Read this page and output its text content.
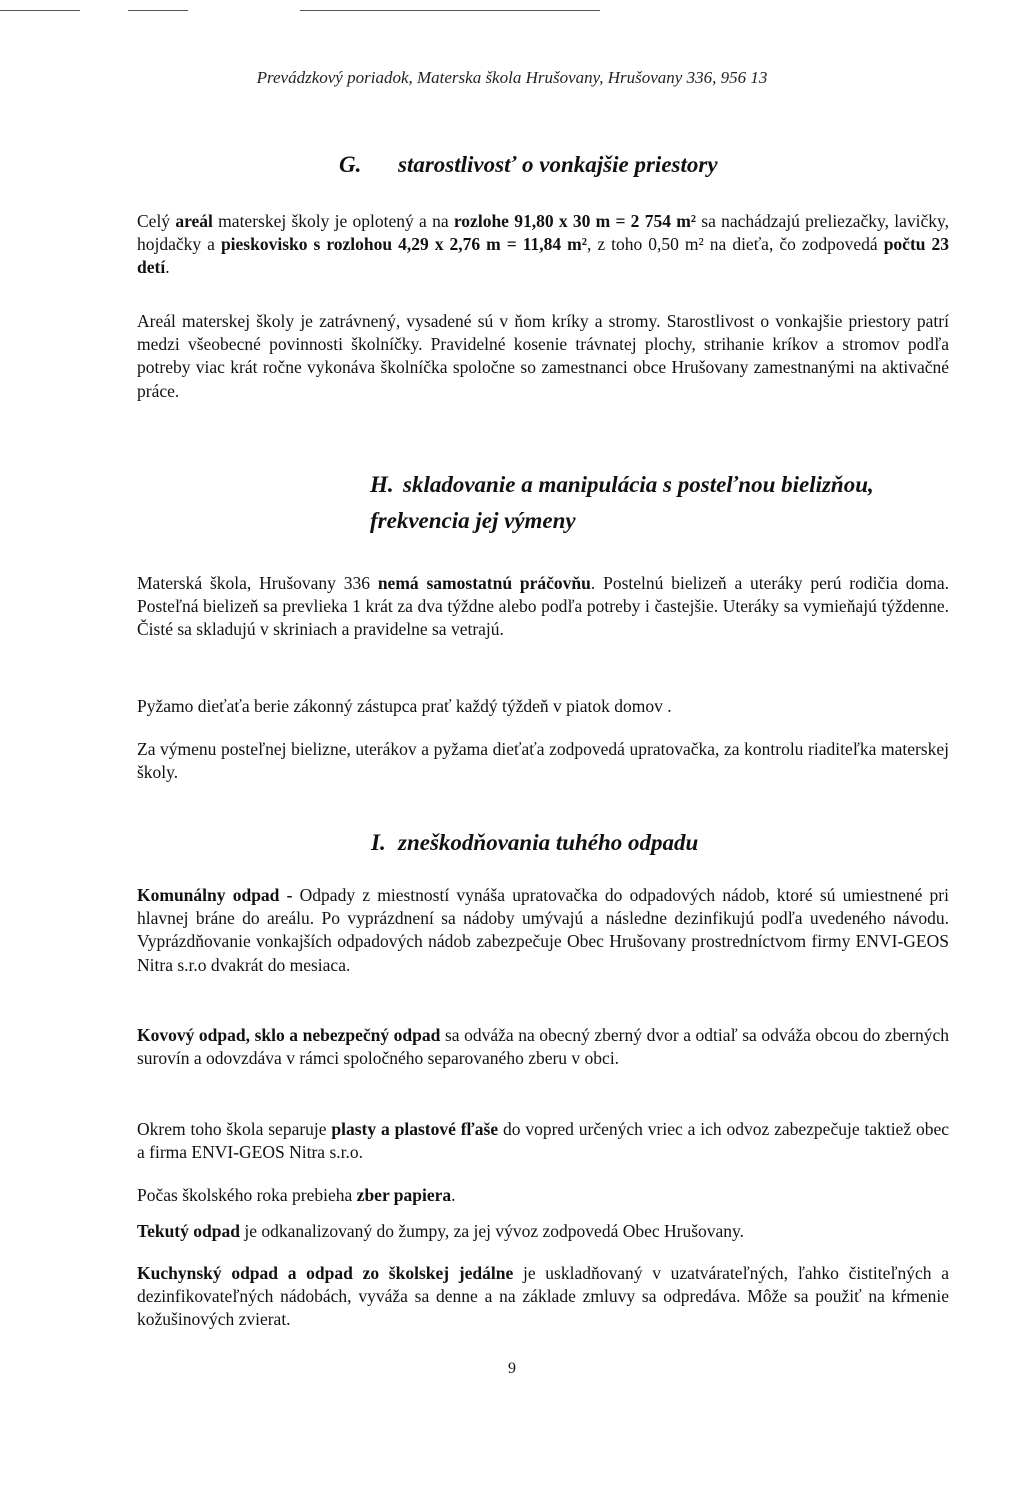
Prevádzkový poriadok, Materska škola Hrušovany, Hrušovany 336, 956 13
G. starostlivosť o vonkajšie priestory
Celý areál materskej školy je oplotený a na rozlohe 91,80 x 30 m = 2 754 m² sa nachádzajú preliezačky, lavičky, hojdačky a pieskovisko s rozlohou 4,29 x 2,76 m = 11,84 m², z toho 0,50 m² na dieťa, čo zodpovedá počtu 23 detí.
Areál materskej školy je zatrávnený, vysadené sú v ňom kríky a stromy. Starostlivost o vonkajšie priestory patrí medzi všeobecné povinnosti školníčky. Pravidelné kosenie trávnatej plochy, strihanie kríkov a stromov podľa potreby viac krát ročne vykonáva školníčka spoločne so zamestnanci obce Hrušovany zamestnanými na aktivačné práce.
H. skladovanie a manipulácia s posteľnou bielizňou,
frekvencia jej výmeny
Materská škola, Hrušovany 336 nemá samostatnú práčovňu. Postelnú bielizeň a uteráky perú rodičia doma. Posteľná bielizeň sa prevlieka 1 krát za dva týždne alebo podľa potreby i častejšie. Uteráky sa vymieňajú týždenne. Čisté sa skladujú v skriniach a pravidelne sa vetrajú.
Pyžamo dieťaťa berie zákonný zástupca prať každý týždeň v piatok domov .
Za výmenu posteľnej bielizne, uterákov a pyžama dieťaťa zodpovedá upratovačka, za kontrolu riaditeľka materskej školy.
I. zneškodňovania tuhého odpadu
Komunálny odpad - Odpady z miestností vynáša upratovačka do odpadových nádob, ktoré sú umiestnené pri hlavnej bráne do areálu. Po vyprázdnení sa nádoby umývajú a následne dezinfikujú podľa uvedeného návodu. Vyprázdňovanie vonkajších odpadových nádob zabezpečuje Obec Hrušovany prostredníctvom firmy ENVI-GEOS Nitra s.r.o dvakrát do mesiaca.
Kovový odpad, sklo a nebezpečný odpad sa odváža na obecný zberný dvor a odtiaľ sa odváža obcou do zberných surovín a odovzdáva v rámci spoločného separovaného zberu v obci.
Okrem toho škola separuje plasty a plastové fľaše do vopred určených vriec a ich odvoz zabezpečuje taktiež obec a firma ENVI-GEOS Nitra s.r.o.
Počas školského roka prebieha zber papiera.
Tekutý odpad je odkanalizovaný do žumpy, za jej vývoz zodpovedá Obec Hrušovany.
Kuchynský odpad a odpad zo školskej jedálne je uskladňovaný v uzatvárateľných, ľahko čistiteľných a dezinfikovateľných nádobách, vyváža sa denne a na základe zmluvy sa odpredáva. Môže sa použiť na kŕmenie kožušinových zvierat.
9
